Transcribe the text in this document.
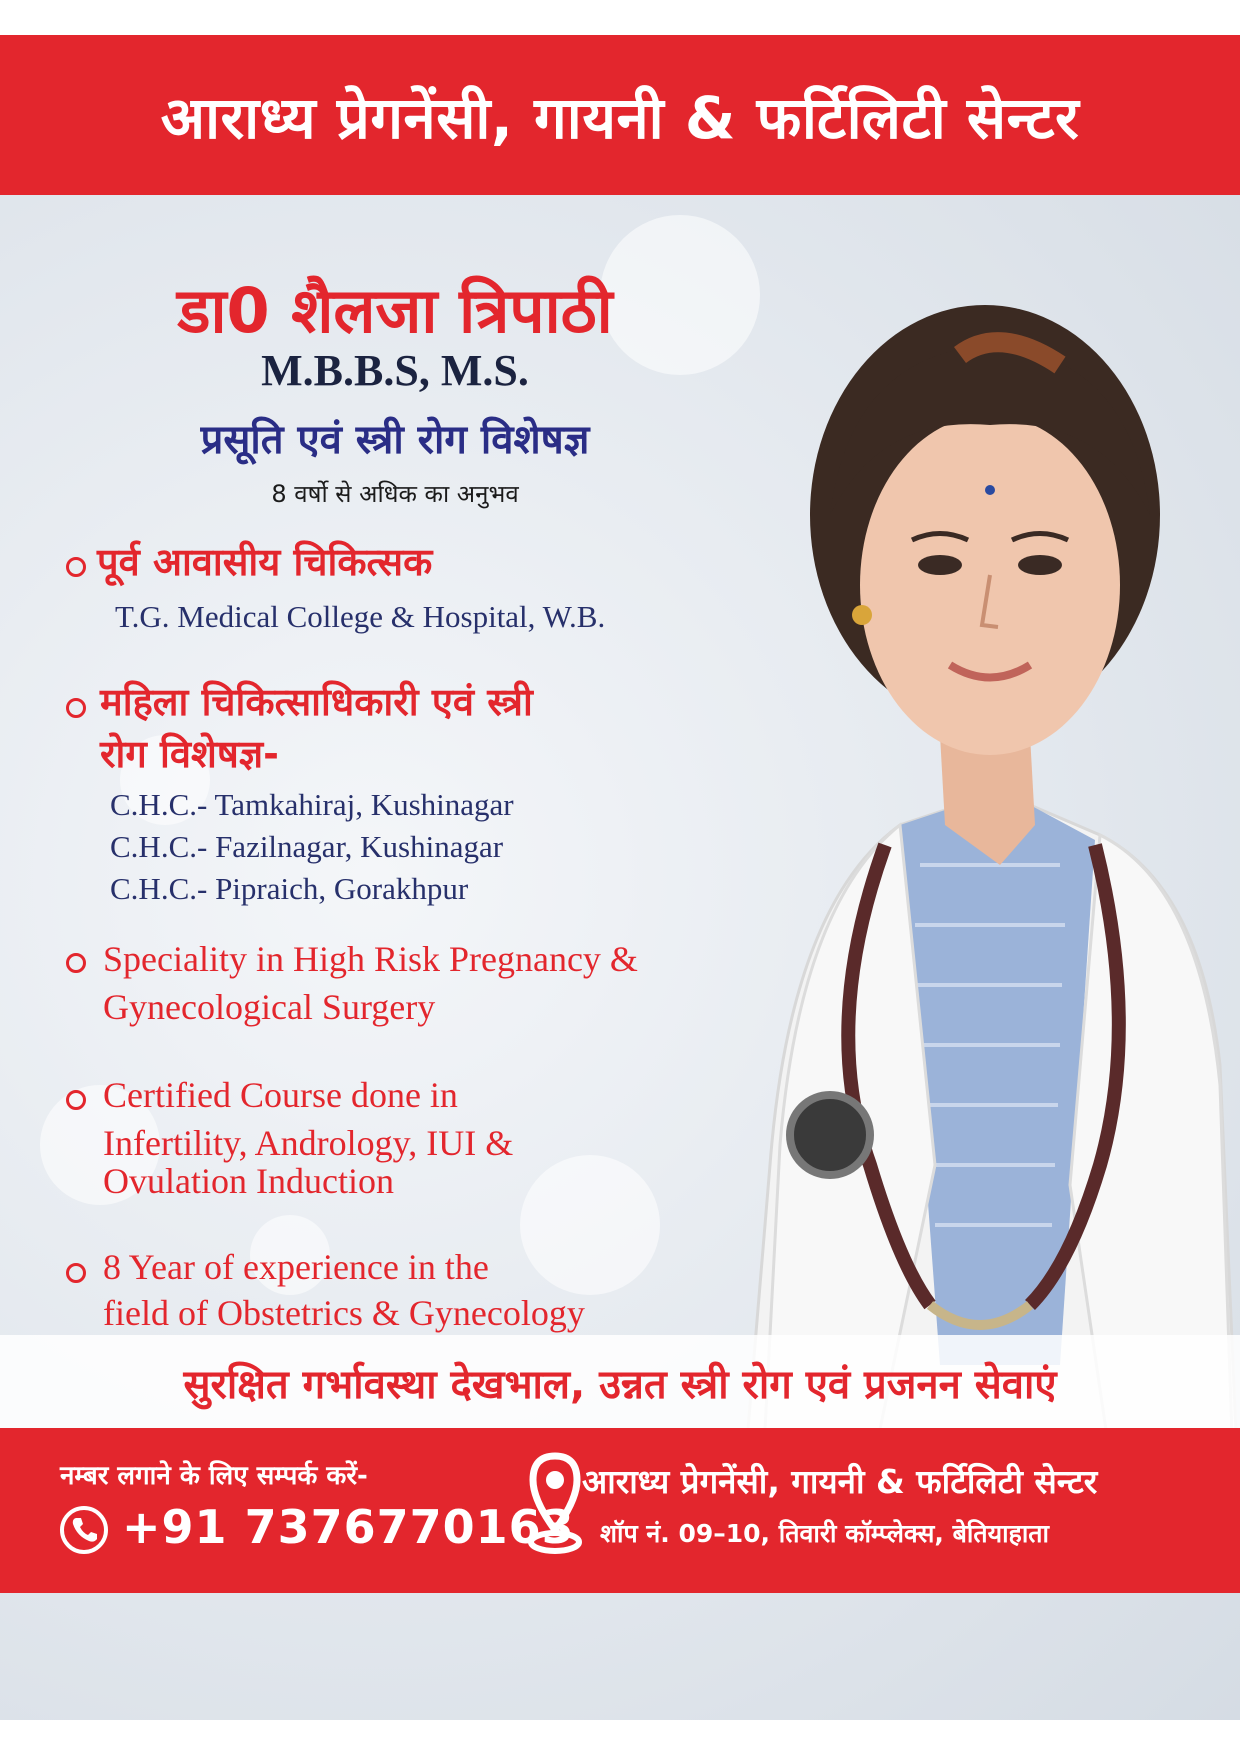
आराध्य प्रेगनेंसी, गायनी & फर्टिलिटी सेन्टर
डा0 शैलजा त्रिपाठी
M.B.B.S, M.S.
प्रसूति एवं स्त्री रोग विशेषज्ञ
8 वर्षो से अधिक का अनुभव
पूर्व आवासीय चिकित्सक
T.G. Medical College & Hospital, W.B.
महिला चिकित्साधिकारी एवं स्त्री
रोग विशेषज्ञ-
C.H.C.- Tamkahiraj, Kushinagar
C.H.C.- Fazilnagar, Kushinagar
C.H.C.- Pipraich, Gorakhpur
Speciality in High Risk Pregnancy &
Gynecological Surgery
Certified Course done in
Infertility, Andrology, IUI &
Ovulation Induction
8 Year of experience in the
field of Obstetrics & Gynecology
सुरक्षित गर्भावस्था देखभाल, उन्नत स्त्री रोग एवं प्रजनन सेवाएं
नम्बर लगाने के लिए सम्पर्क करें-
+91 7376770163
आराध्य प्रेगनेंसी, गायनी & फर्टिलिटी सेन्टर
शॉप नं. 09–10, तिवारी कॉम्प्लेक्स, बेतियाहाता
